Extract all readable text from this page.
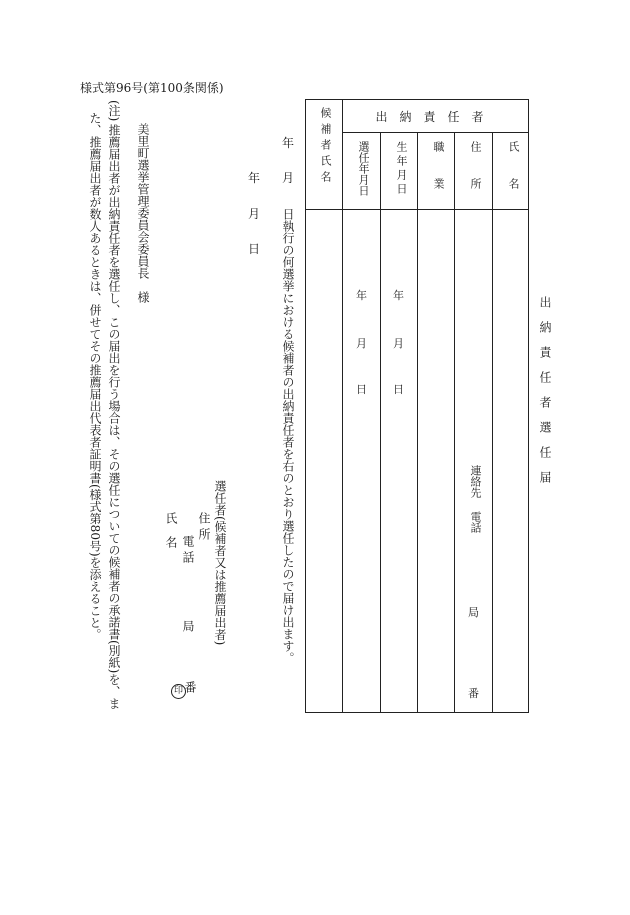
様式第96号(第100条関係)
(注)
推薦届出者が出納責任者を選任し、この届出を行う場合は、その選任についての候補者の承諾書(別紙)を、ま
た、推薦届出者が数人あるときは、併せてその推薦届出代表者証明書(様式第80号)を添えること。	美里町選挙管理委員会委員長　様
選任者(候補者又は推薦届出者)
住所
電話
局
氏名
印 番
年
月
日
年
月
日執行の何選挙における候補者の出納責任者を右のとおり選任したので届け出ます。
候補者氏名	出納責任者
選任年月日 生年月日 職業 住所 氏名
年
月
日
年
月
日
連絡先
電話
局
番
出納責任者選任届
